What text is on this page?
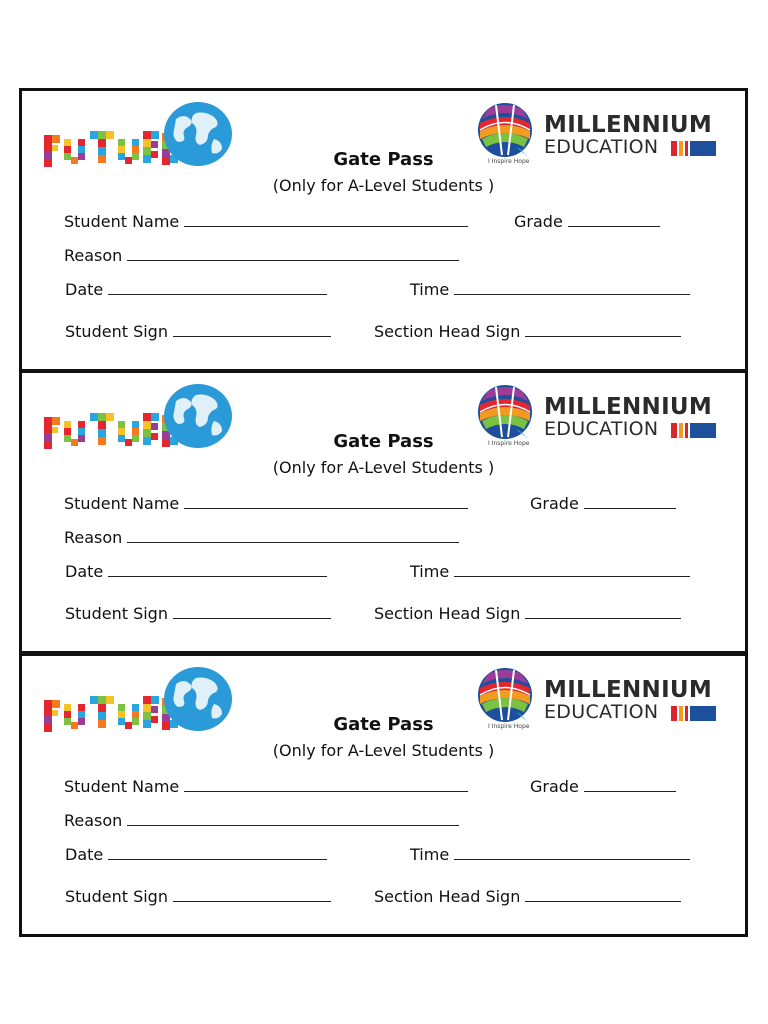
I Inspire Hope
MILLENNIUM
EDUCATION
Gate Pass
(Only for A-Level Students )
Student Name	Grade
Reason
Date	Time
Student Sign	Section Head Sign
I Inspire Hope
MILLENNIUM
EDUCATION
Gate Pass
(Only for A-Level Students )
Student Name	Grade
Reason
Date	Time
Student Sign	Section Head Sign
I Inspire Hope
MILLENNIUM
EDUCATION
Gate Pass
(Only for A-Level Students )
Student Name	Grade
Reason
Date	Time
Student Sign	Section Head Sign
